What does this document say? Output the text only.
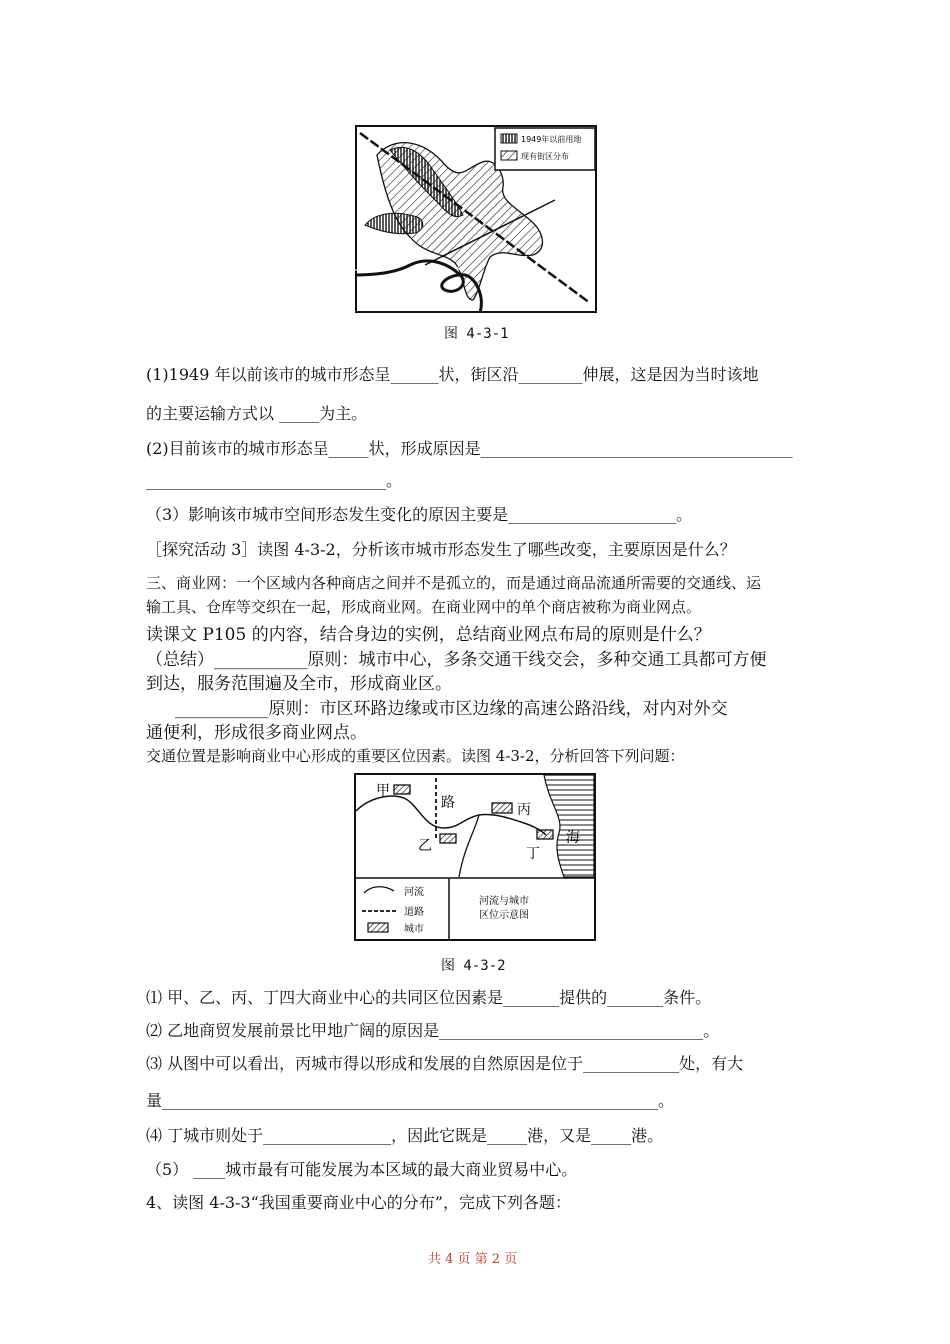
1949年以前用地
现有街区分布
图 4-3-1
(1)1949 年以前该市的城市形态呈______状，街区沿________伸展，这是因为当时该地
的主要运输方式以 _____为主。
(2)目前该市的城市形态呈_____状，形成原因是_______________________________________
______________________________。
（3）影响该市城市空间形态发生变化的原因主要是_____________________。
［探究活动 3］读图 4-3-2，分析该市城市形态发生了哪些改变，主要原因是什么？
三、商业网：一个区域内各种商店之间并不是孤立的，而是通过商品流通所需要的交通线、运
输工具、仓库等交织在一起，形成商业网。在商业网中的单个商店被称为商业网点。
读课文 P105 的内容，结合身边的实例，总结商业网点布局的原则是什么？
（总结）___________原则：城市中心，多条交通干线交会，多种交通工具都可方便
到达，服务范围遍及全市，形成商业区。
___________原则：市区环路边缘或市区边缘的高速公路沿线，对内对外交
通便利，形成很多商业网点。
交通位置是影响商业中心形成的重要区位因素。读图 4-3-2，分析回答下列问题：
甲
路
乙
丙
丁
海
河流
道路
城市
河流与城市
区位示意图
图 4-3-2
⑴ 甲、乙、丙、丁四大商业中心的共同区位因素是_______提供的_______条件。
⑵ 乙地商贸发展前景比甲地广阔的原因是_________________________________。
⑶ 从图中可以看出，丙城市得以形成和发展的自然原因是位于____________处，有大
量______________________________________________________________。
⑷ 丁城市则处于________________，因此它既是_____港，又是_____港。
（5） ____城市最有可能发展为本区域的最大商业贸易中心。
4、读图 4-3-3“我国重要商业中心的分布”，完成下列各题：
共 4 页 第 2 页
